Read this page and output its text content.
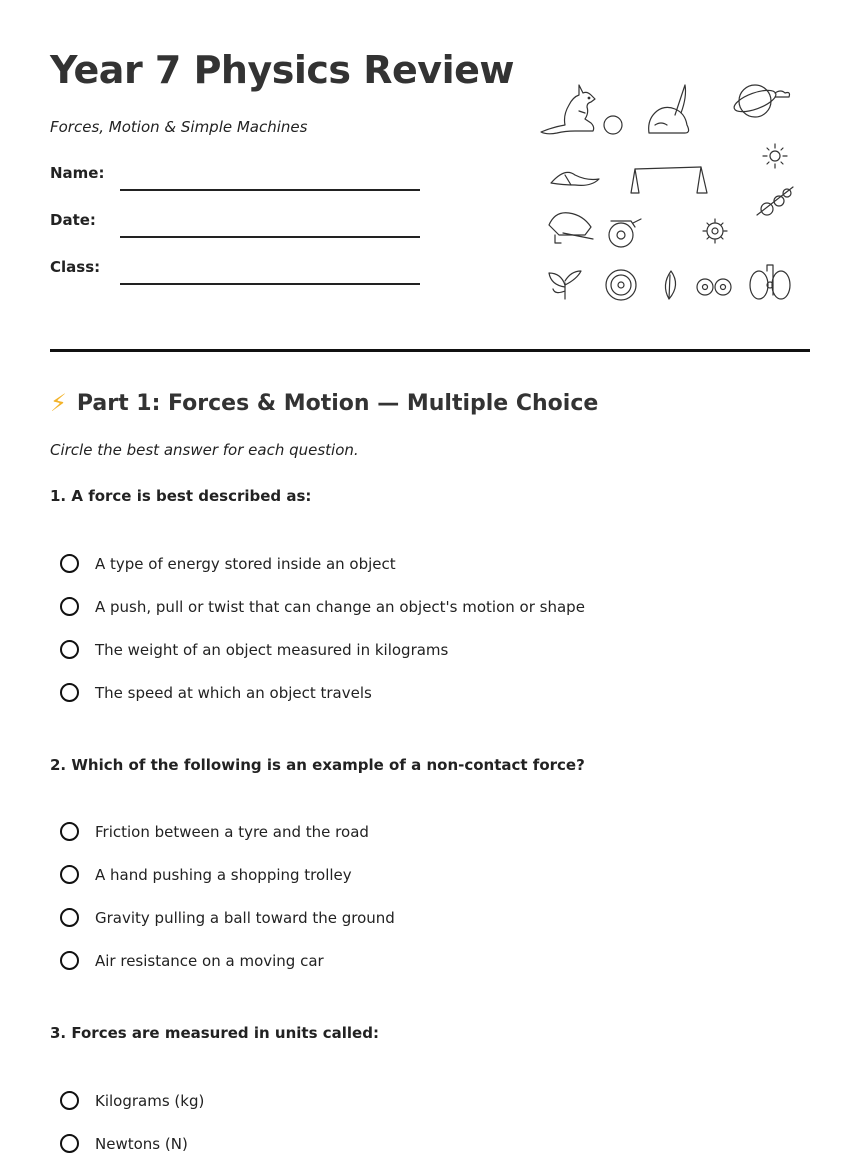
Year 7 Physics Review

Forces, Motion & Simple Machines

Name:
Date:
Class:
⚡ Part 1: Forces & Motion — Multiple Choice

Circle the best answer for each question.

1. A force is best described as:

A type of energy stored inside an object
A push, pull or twist that can change an object's motion or shape
The weight of an object measured in kilograms
The speed at which an object travels

2. Which of the following is an example of a non-contact force?

Friction between a tyre and the road
A hand pushing a shopping trolley
Gravity pulling a ball toward the ground
Air resistance on a moving car

3. Forces are measured in units called:

Kilograms (kg)
Newtons (N)
